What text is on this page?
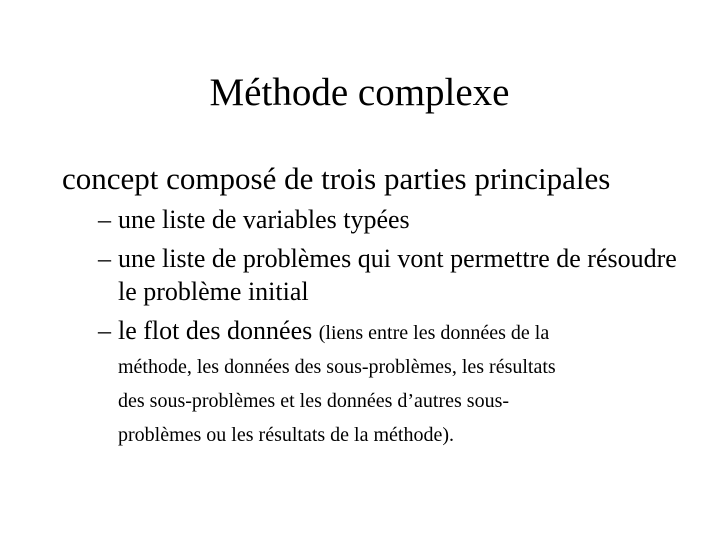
Méthode complexe

concept composé de trois parties principales

– une liste de variables typées
– une liste de problèmes qui vont permettre de résoudre le problème initial
– le flot des données (liens entre les données de la
méthode, les données des sous-problèmes, les résultats
des sous-problèmes et les données d’autres sous-
problèmes ou les résultats de la méthode).
